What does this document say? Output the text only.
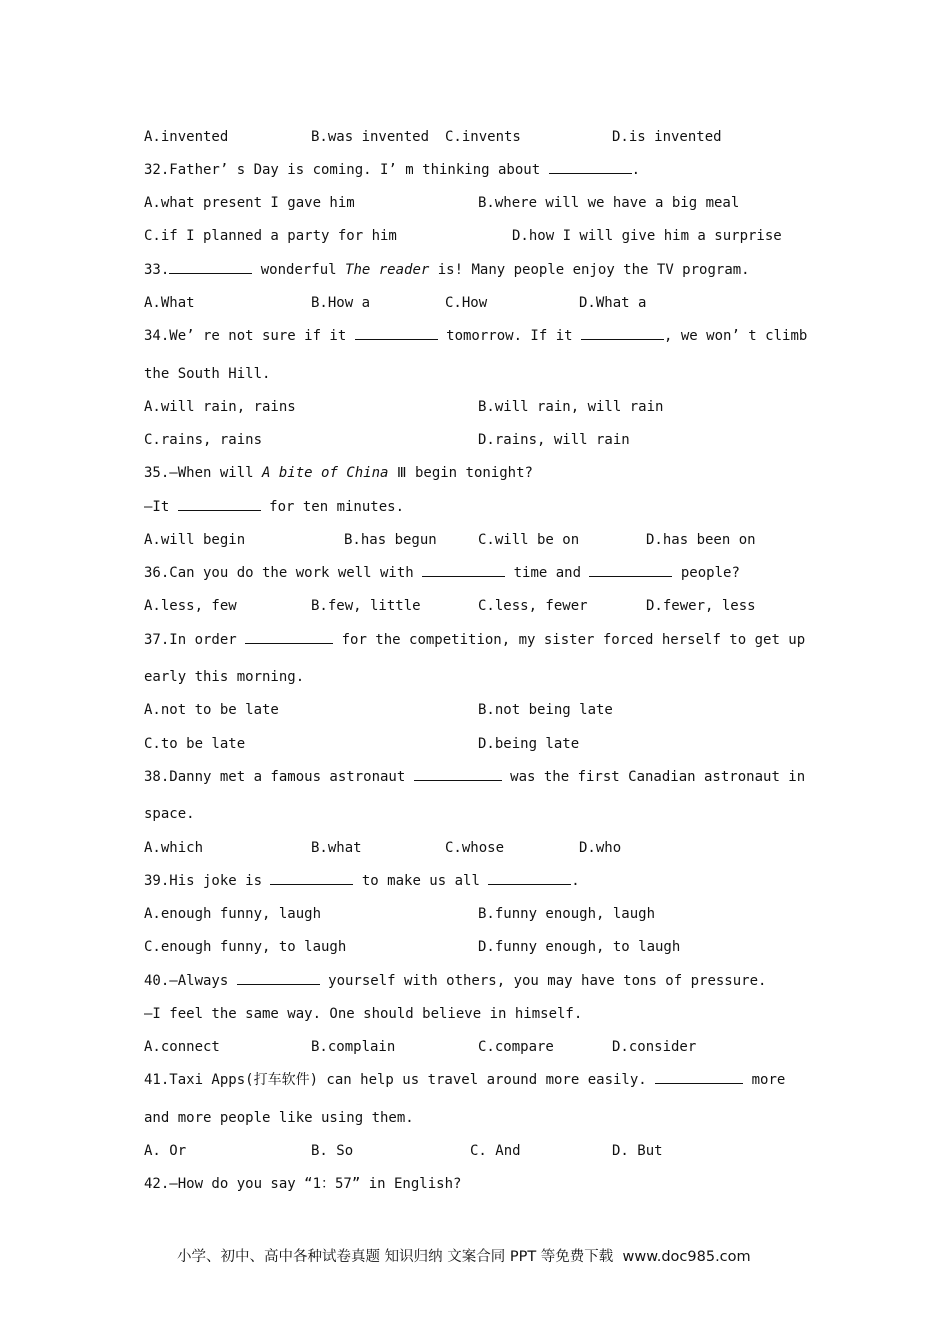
A.invented	B.was invented C.invents	D.is invented
32.Father’ s Day is coming. I’ m thinking about	.
A.what present I gave him	B.where will we have a big meal
C.if I planned a party for him	D.how I will give him a surprise
33.	wonderful The reader is! Many people enjoy the TV program.
A.What	B.How a	C.How	D.What a
34.We’ re not sure if it	tomorrow. If it	, we won’ t climb
the South Hill.
A.will rain, rains	B.will rain, will rain
C.rains, rains	D.rains, will rain
35.—When will A bite of China Ⅲ begin tonight?
—It	for ten minutes.
A.will begin	B.has begun	C.will be on	D.has been on
36.Can you do the work well with	time and	people?
A.less, few	B.few, little	C.less, fewer	D.fewer, less
37.In order	for the competition, my sister forced herself to get up
early this morning.
A.not to be late	B.not being late
C.to be late	D.being late
38.Danny met a famous astronaut	was the first Canadian astronaut in
space.
A.which	B.what	C.whose	D.who
39.His joke is	to make us all	.
A.enough funny, laugh	B.funny enough, laugh
C.enough funny, to laugh	D.funny enough, to laugh
40.—Always	yourself with others, you may have tons of pressure.
—I feel the same way. One should believe in himself.
A.connect	B.complain	C.compare	D.consider
41.Taxi Apps(打车软件) can help us travel around more easily.	more
and more people like using them.
A. Or	B. So	C. And	D. But
42.—How do you say “1：57” in English?
小学、初中、高中各种试卷真题 知识归纳 文案合同 PPT 等免费下载  www.doc985.com
